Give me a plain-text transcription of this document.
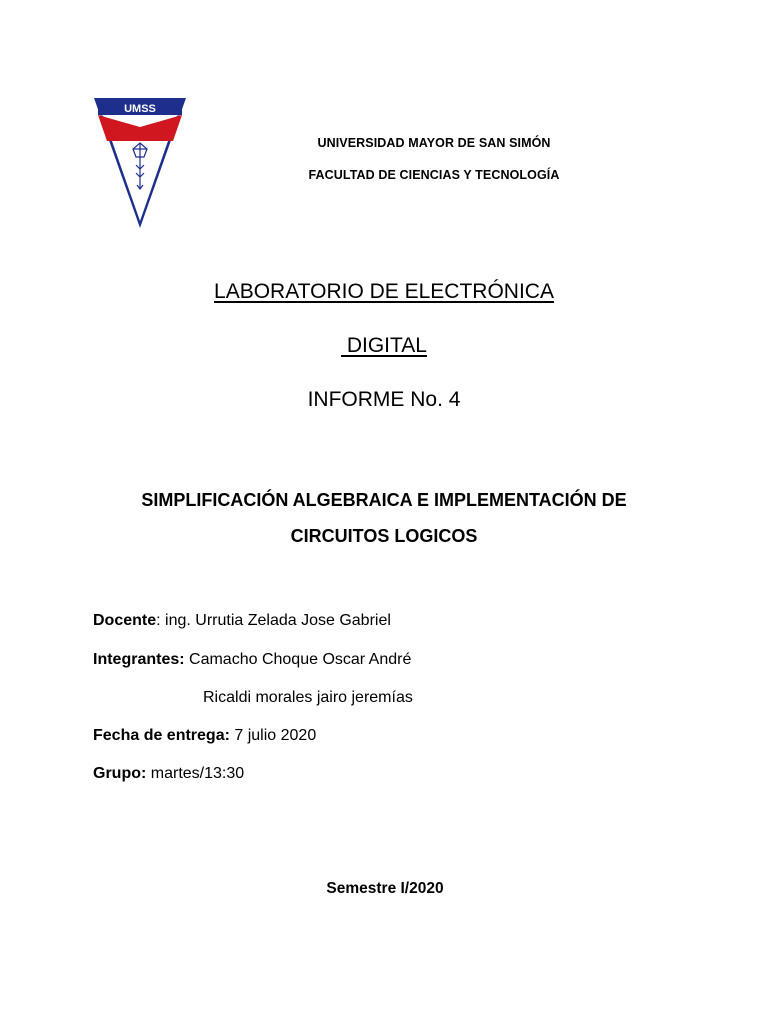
UMSS
UNIVERSIDAD MAYOR DE SAN SIMÓN
FACULTAD DE CIENCIAS Y TECNOLOGÍA
LABORATORIO DE ELECTRÓNICA
DIGITAL
INFORME No. 4
SIMPLIFICACIÓN ALGEBRAICA E IMPLEMENTACIÓN DE
CIRCUITOS LOGICOS
Docente: ing. Urrutia Zelada Jose Gabriel
Integrantes: Camacho Choque Oscar André
Ricaldi morales jairo jeremías
Fecha de entrega: 7 julio 2020
Grupo: martes/13:30
Semestre I/2020
